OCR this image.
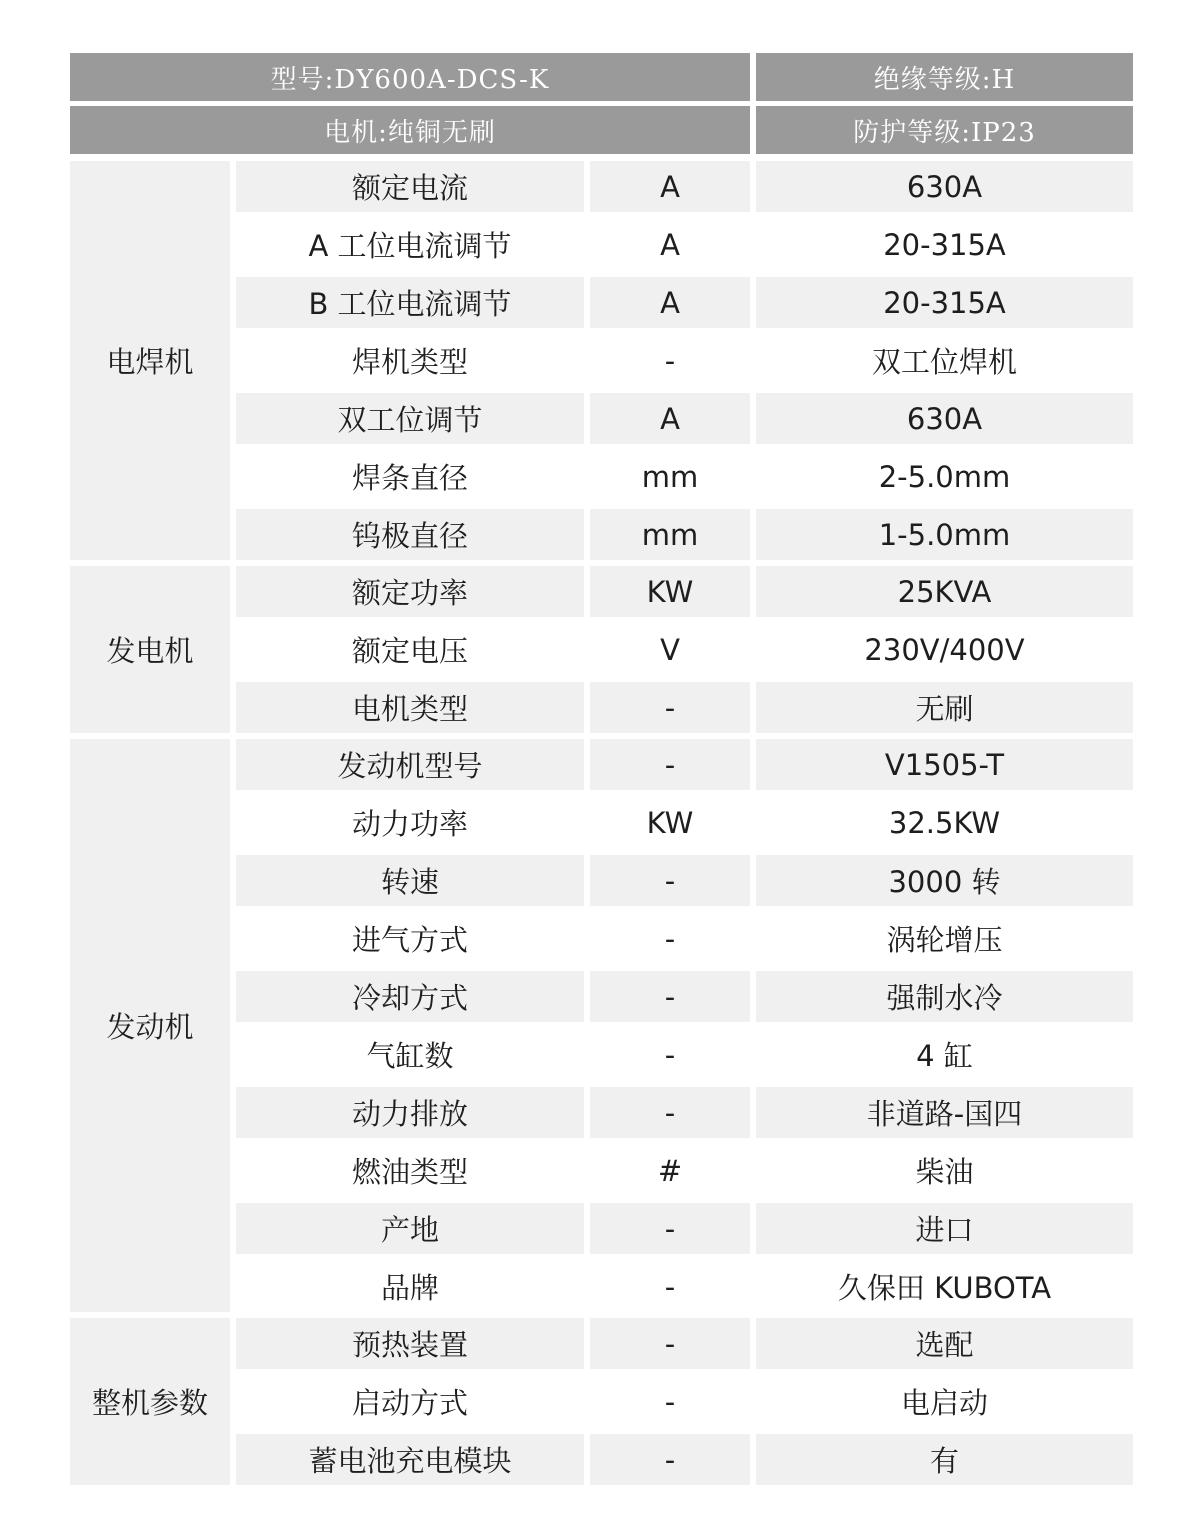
型号:DY600A-DCS-K	绝缘等级:H
电机:纯铜无刷	防护等级:IP23
电焊机
额定电流	A	630A
A 工位电流调节	A	20-315A
B 工位电流调节	A	20-315A
焊机类型	-	双工位焊机
双工位调节	A	630A
焊条直径	mm	2-5.0mm
钨极直径	mm	1-5.0mm
发电机
额定功率	KW	25KVA
额定电压	V	230V/400V
电机类型	-	无刷
发动机
发动机型号	-	V1505-T
动力功率	KW	32.5KW
转速	-	3000 转
进气方式	-	涡轮增压
冷却方式	-	强制水冷
气缸数	-	4 缸
动力排放	-	非道路-国四
燃油类型	#	柴油
产地	-	进口
品牌	-	久保田 KUBOTA
整机参数
预热装置	-	选配
启动方式	-	电启动
蓄电池充电模块	-	有
